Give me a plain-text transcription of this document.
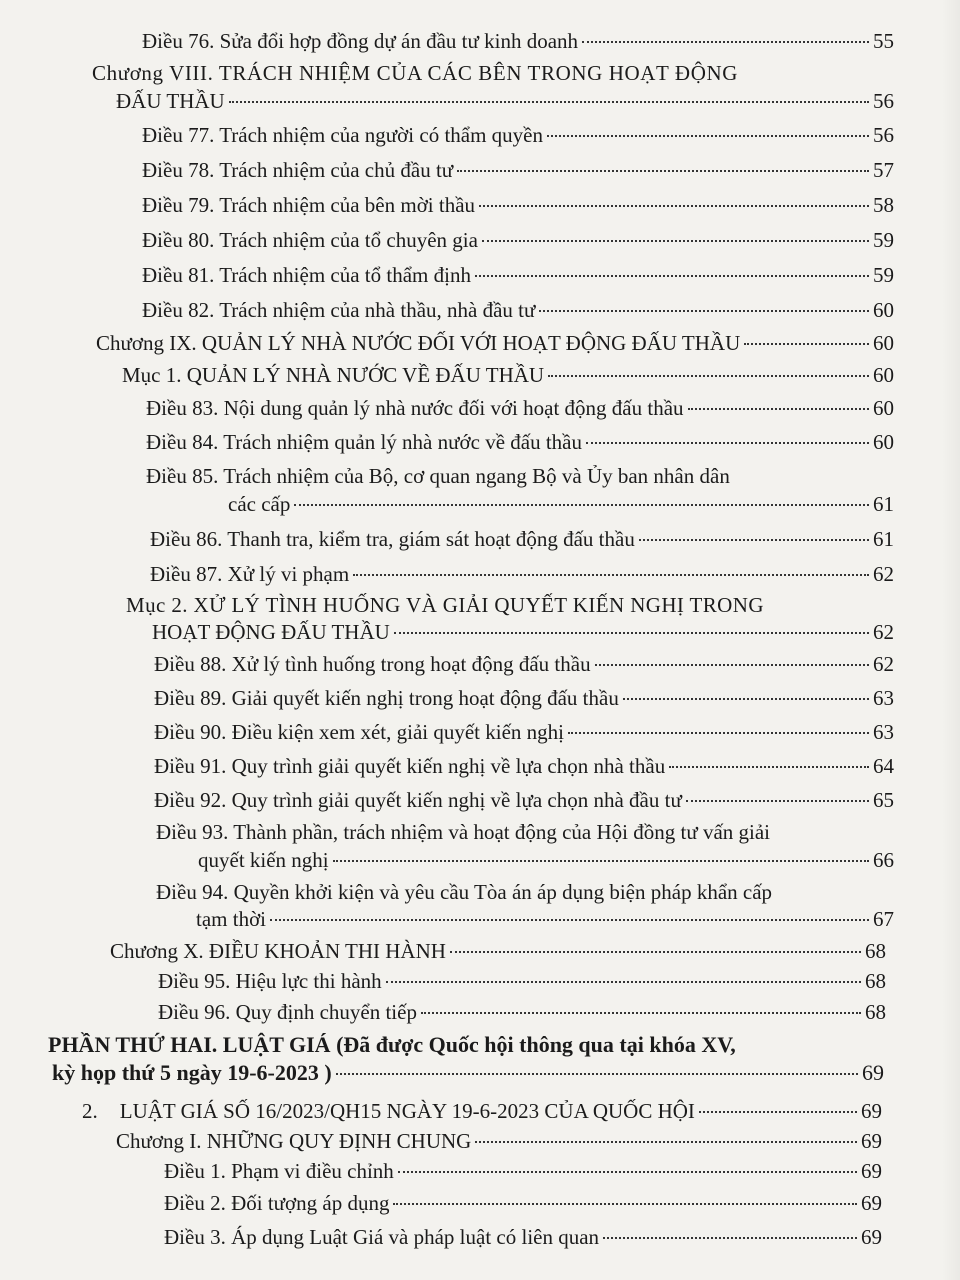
Điều 76. Sửa đổi hợp đồng dự án đầu tư kinh doanh	55
Chương VIII. TRÁCH NHIỆM CỦA CÁC BÊN TRONG HOẠT ĐỘNG
ĐẤU THẦU	56
Điều 77. Trách nhiệm của người có thẩm quyền	56
Điều 78. Trách nhiệm của chủ đầu tư	57
Điều 79. Trách nhiệm của bên mời thầu	58
Điều 80. Trách nhiệm của tổ chuyên gia	59
Điều 81. Trách nhiệm của tổ thẩm định	59
Điều 82. Trách nhiệm của nhà thầu, nhà đầu tư	60
Chương IX. QUẢN LÝ NHÀ NƯỚC ĐỐI VỚI HOẠT ĐỘNG ĐẤU THẦU	60
Mục 1. QUẢN LÝ NHÀ NƯỚC VỀ ĐẤU THẦU	60
Điều 83. Nội dung quản lý nhà nước đối với hoạt động đấu thầu	60
Điều 84. Trách nhiệm quản lý nhà nước về đấu thầu	60
Điều 85. Trách nhiệm của Bộ, cơ quan ngang Bộ và Ủy ban nhân dân
các cấp	61
Điều 86. Thanh tra, kiểm tra, giám sát hoạt động đấu thầu	61
Điều 87. Xử lý vi phạm	62
Mục 2. XỬ LÝ TÌNH HUỐNG VÀ GIẢI QUYẾT KIẾN NGHỊ TRONG
HOẠT ĐỘNG ĐẤU THẦU	62
Điều 88. Xử lý tình huống trong hoạt động đấu thầu	62
Điều 89. Giải quyết kiến nghị trong hoạt động đấu thầu	63
Điều 90. Điều kiện xem xét, giải quyết kiến nghị	63
Điều 91. Quy trình giải quyết kiến nghị về lựa chọn nhà thầu	64
Điều 92. Quy trình giải quyết kiến nghị về lựa chọn nhà đầu tư	65
Điều 93. Thành phần, trách nhiệm và hoạt động của Hội đồng tư vấn giải
quyết kiến nghị	66
Điều 94. Quyền khởi kiện và yêu cầu Tòa án áp dụng biện pháp khẩn cấp
tạm thời	67
Chương X. ĐIỀU KHOẢN THI HÀNH	68
Điều 95. Hiệu lực thi hành	68
Điều 96. Quy định chuyển tiếp	68
PHẦN THỨ HAI. LUẬT GIÁ (Đã được Quốc hội thông qua tại khóa XV,
kỳ họp thứ 5 ngày 19-6-2023 )	69
2. LUẬT GIÁ SỐ 16/2023/QH15 NGÀY 19-6-2023 CỦA QUỐC HỘI	69
Chương I. NHỮNG QUY ĐỊNH CHUNG	69
Điều 1. Phạm vi điều chỉnh	69
Điều 2. Đối tượng áp dụng	69
Điều 3. Áp dụng Luật Giá và pháp luật có liên quan	69
